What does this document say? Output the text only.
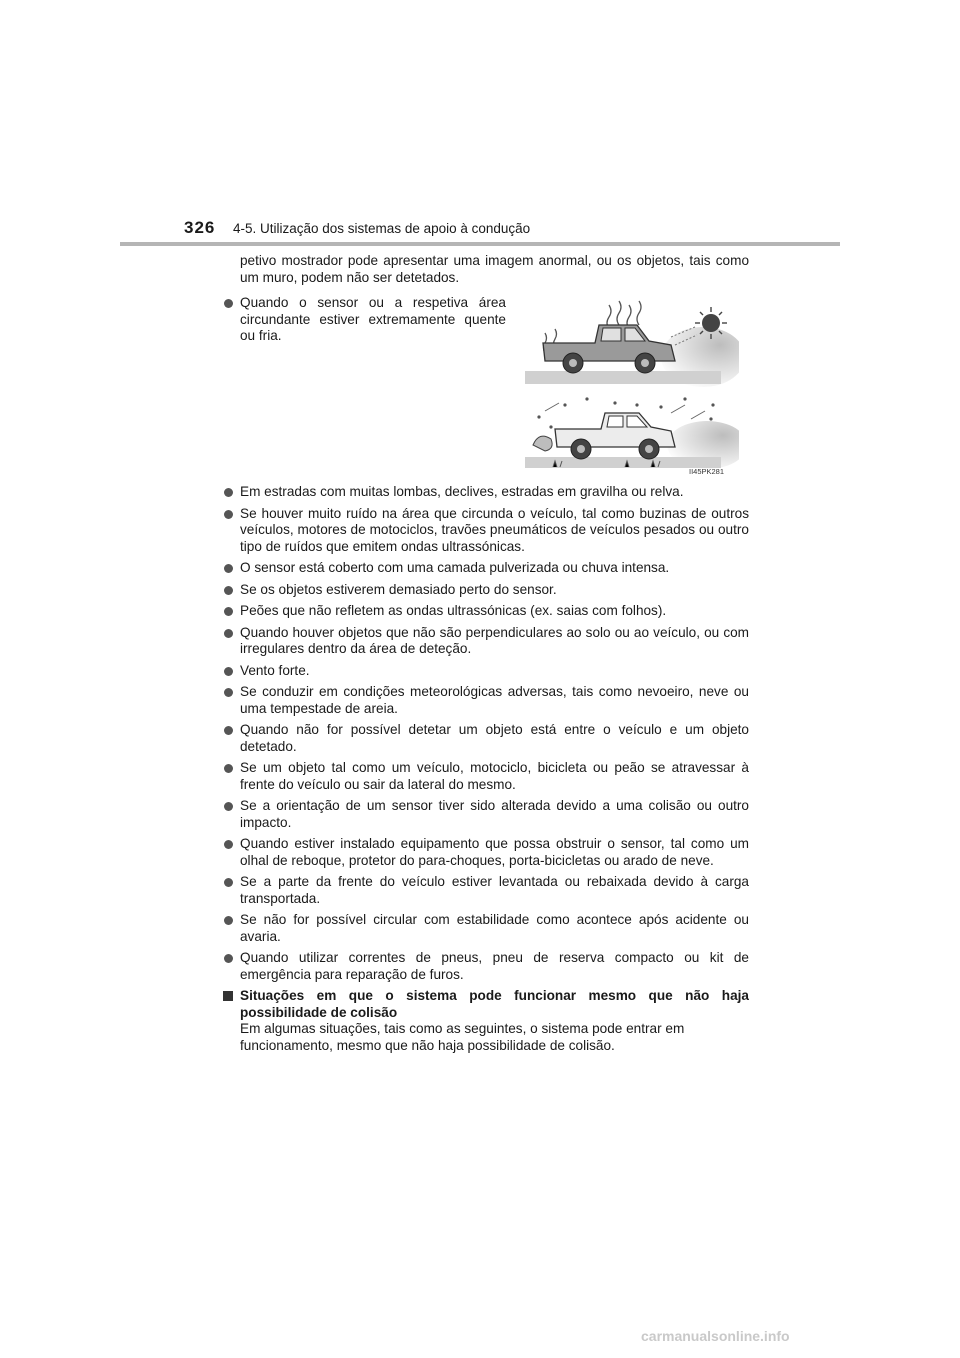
326 4-5. Utilização dos sistemas de apoio à condução

petivo mostrador pode apresentar uma imagem anormal, ou os objetos, tais como um muro, podem não ser detetados.

Quando o sensor ou a respetiva área circundante estiver extremamente quente ou fria.
II45PK281
Em estradas com muitas lombas, declives, estradas em gravilha ou relva.
Se houver muito ruído na área que circunda o veículo, tal como buzinas de outros veículos, motores de motociclos, travões pneumáticos de veículos pesados ou outro tipo de ruídos que emitem ondas ultrassónicas.
O sensor está coberto com uma camada pulverizada ou chuva intensa.
Se os objetos estiverem demasiado perto do sensor.
Peões que não refletem as ondas ultrassónicas (ex. saias com folhos).
Quando houver objetos que não são perpendiculares ao solo ou ao veículo, ou com irregulares dentro da área de deteção.
Vento forte.
Se conduzir em condições meteorológicas adversas, tais como nevoeiro, neve ou uma tempestade de areia.
Quando não for possível detetar um objeto está entre o veículo e um objeto detetado.
Se um objeto tal como um veículo, motociclo, bicicleta ou peão se atravessar à frente do veículo ou sair da lateral do mesmo.
Se a orientação de um sensor tiver sido alterada devido a uma colisão ou outro impacto.
Quando estiver instalado equipamento que possa obstruir o sensor, tal como um olhal de reboque, protetor do para-choques, porta-bicicletas ou arado de neve.
Se a parte da frente do veículo estiver levantada ou rebaixada devido à carga transportada.
Se não for possível circular com estabilidade como acontece após acidente ou avaria.
Quando utilizar correntes de pneus, pneu de reserva compacto ou kit de emergência para reparação de furos.
Situações em que o sistema pode funcionar mesmo que não haja possibilidade de colisão

Em algumas situações, tais como as seguintes, o sistema pode entrar em funcionamento, mesmo que não haja possibilidade de colisão.

carmanualsonline.info
